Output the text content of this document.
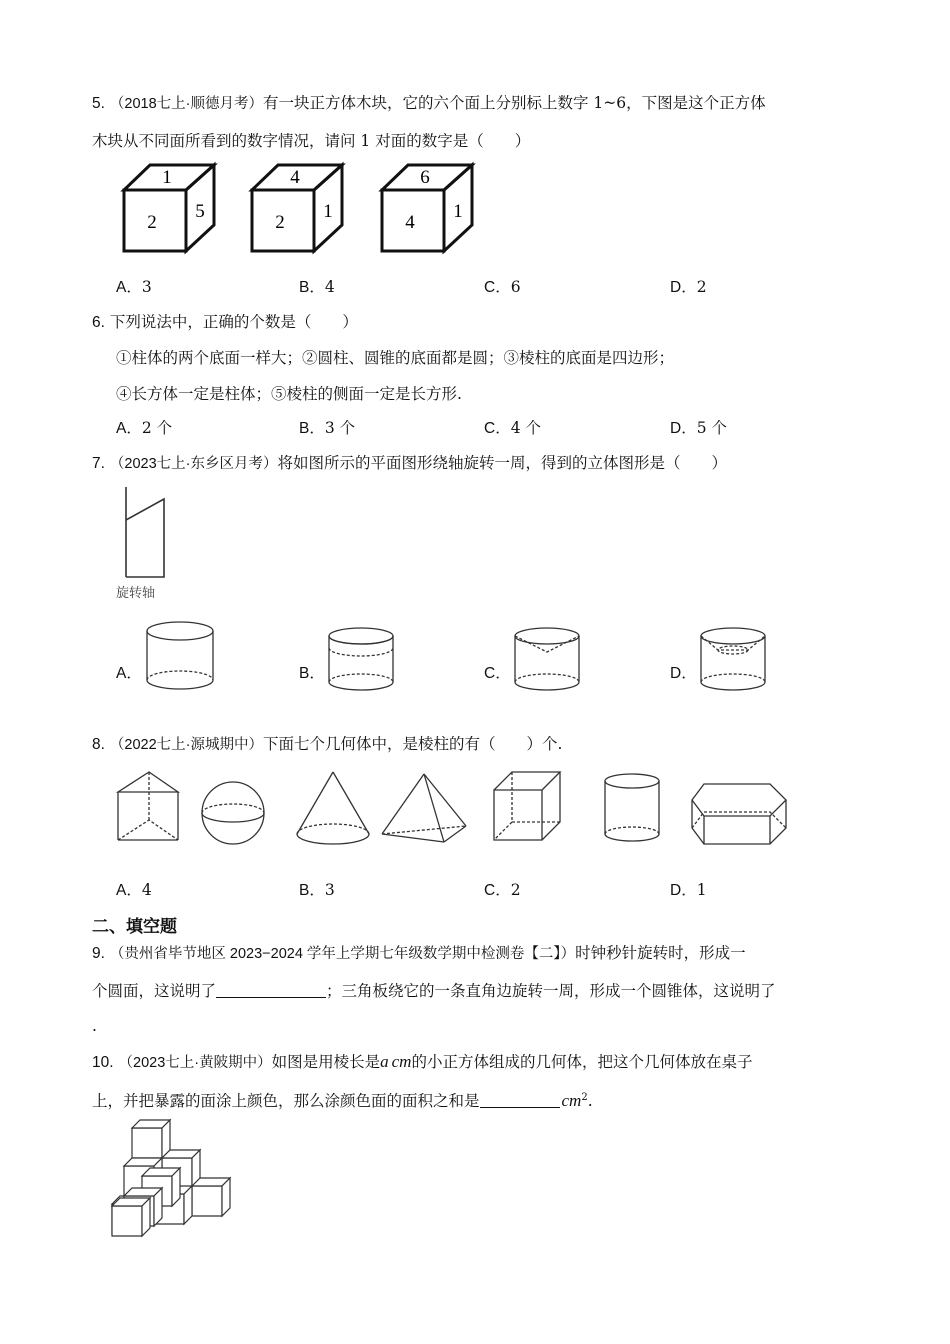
5. （2018七上·顺德月考）有一块正方体木块，它的六个面上分别标上数字 1~6，下图是这个正方体
木块从不同面所看到的数字情况，请问 1 对面的数字是（　　）
1
2
5
4
2
1
6
4
1
A．3	B．4	C．6	D．2
6. 下列说法中，正确的个数是（　　）
①柱体的两个底面一样大；②圆柱、圆锥的底面都是圆；③棱柱的底面是四边形；
④长方体一定是柱体；⑤棱柱的侧面一定是长方形.
A．2 个	B．3 个	C．4 个	D．5 个
7. （2023七上·东乡区月考）将如图所示的平面图形绕轴旋转一周，得到的立体图形是（　　）
旋转轴
A．	B．	C．	D．
8. （2022七上·源城期中）下面七个几何体中，是棱柱的有（　　）个.
A．4	B．3	C．2	D．1
二、填空题
9. （贵州省毕节地区 2023−2024 学年上学期七年级数学期中检测卷【二】）时钟秒针旋转时，形成一
个圆面，这说明了	；三角板绕它的一条直角边旋转一周，形成一个圆锥体，这说明了
.
10. （2023七上·黄陂期中）如图是用棱长是a cm的小正方体组成的几何体，把这个几何体放在桌子
上，并把暴露的面涂上颜色，那么涂颜色面的面积之和是	$cm^2$.
